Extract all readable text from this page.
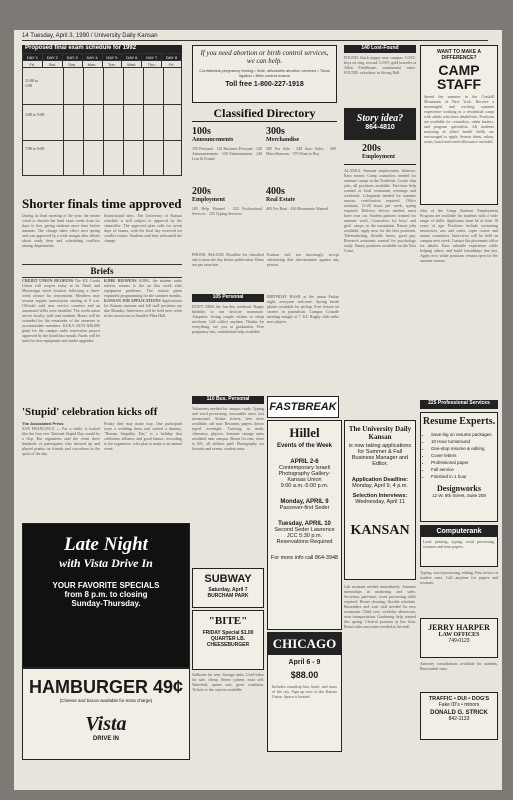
14 Tuesday, April 3, 1990 / University Daily Kansan
Proposed final exam schedule for 1992
DAY 1	DAY 2	DAY 3	DAY 4	DAY 5	DAY 6	DAY 7	DAY 8
Fri.	Sat.	Sun.	Mon.	Tue.	Wed.	Thu.	Fri.
11:00 to 1:00
3:00 to 5:00
7:00 to 9:00
Shorter finals time approved
During its final meeting of the year, the senate voted to shorten the final exam week from six days to five, giving students more time before summer. The change takes effect next spring and was approved by a wide margin after debate about study time and scheduling conflicts among departments.
Instructional days. The University of Kansas schedule is still subject to approval by the chancellor. The approved plan calls for seven days of exams, with the final day reserved for conflict exams. Students said they welcomed the change.
Briefs
CREDIT UNION REOPENS The KU Credit Union will reopen today at its Ninth and Mississippi street location following a three-week closure for renovations. Members may resume regular transactions starting at 9 a.m. Officials said new service counters and an automated teller were installed. The credit union serves faculty, staff and students. Hours will be extended for the remainder of the semester to accommodate members. KUKA GETS $36,000 grant for the campus radio renovation project approved by the board last month. Funds will be used for new equipment and studio upgrades.
KJHK REOPENS KJHK, the student radio station, returns to the air this week after equipment problems. The station plans expanded programming for the summer months. KANSAN JOB APPLICATIONS Applications for Kansan summer and fall staff positions are due Monday. Interviews will be held next week in the newsroom at Stauffer-Flint Hall.
'Stupid' celebration kicks off
The Associated Press
SAN FRANCISCO — For a while, it looked like the first ever National Stupid Day would be a flop. But organizers said the event drew hundreds of participants who dressed up and played pranks on friends and coworkers in the spirit of the day.
Friday they may make way. One participant wore a wedding dress and carried a dummy. "Human Stupidity Day" is a holiday that celebrates silliness and good humor, according to the organizers, who plan to make it an annual event.
Late Night
with Vista Drive In
YOUR FAVORITE SPECIALS
from 8 p.m. to closing
Sunday-Thursday.
HAMBURGER 49¢
(Cheese and bacon available for extra charge)
Vista
DRIVE IN
If you need abortion or birth control services, we can help.
Confidential pregnancy testing • Safe, affordable abortion services • Tubal ligation • Birth control exams
Toll free 1-800-227-1918
Classified Directory
100s
Announcements
300s
Merchandise
105 Personal · 110 Business Personal · 120 Announcements · 130 Entertainment · 140 Lost & Found
305 For Sale · 340 Auto Sales · 360 Miscellaneous · 370 Want to Buy
200s
Employment
400s
Real Estate
205 Help Wanted · 225 Professional Services · 235 Typing Services
405 For Rent · 430 Roommate Wanted
PHONE: 864-4358. Deadline for classified ads is noon the day before publication. Rates are per insertion.
Kansan will not knowingly accept advertising that discriminates against any person.
105 Personal
DON'T MISS the fun this weekend. Happy birthday to our favorite roommate. Adoption: loving couple wishes to adopt newborn. Call collect anytime. Thanks for everything, see you at graduation. Free pregnancy test, confidential help available.
110 Bus. Personal
Volunteers needed for campus study. Typing and word processing, reasonable rates, fast turnaround. Airline tickets, best fares available, call now. Resumes, papers, theses typed overnight. Tutoring in math, chemistry, physics. Summer storage units available near campus. Room for rent, close to KU, all utilities paid. Photography for formals and events, student rates.
BIRTHDAY BASH at the union Friday night, everyone welcome. Spring break photos available for pickup. Free lecture on careers in journalism. Campus Crusade meeting tonight at 7. KU Rugby club seeks new players.
FASTBREAK
Hillel
Events of the Week
APRIL 2-6
Contemporary Israeli Photography Gallery-Kansas Union
9:00 a.m.-5:00 p.m.
Monday, APRIL 9
Passover-first Seder
Tuesday, APRIL 10
Second Seder Lawrence JCC 5:30 p.m. Reservations Required
For more info call 864-3948
SUBWAY
Saturday, April 7 BURCHAM PARK
"BITE"
FRIDAY Special $1.00 QUARTER LB. CHEESEBURGER	CHICAGO
April 6 - 9
$88.00
Includes roundtrip bus, hotel, and tours of the city. Sign up now in the Kansas Union. Space is limited.
Sailboats for rent. Storage units. Used bikes for sale, cheap. Stereo system, must sell. Waterbed, queen size, great condition. Tickets to the concert available.
140 Lost-Found
FOUND: black puppy near campus. LOST: keys on ring, reward. LOST: gold bracelet at Allen Fieldhouse, sentimental value. FOUND: calculator in Strong Hall.
Story idea?
864-4810
200s
Employment
ALASKA: Summer employment, fisheries. Earn money. Camp counselors needed for summer camps in the Northeast. Cruise ship jobs, all positions available. Part-time help wanted at local restaurant, evenings and weekends. Lifeguards needed for summer season, certification required. Office assistant, 15-20 hours per week, typing required. Delivery drivers needed, must have own car. Student painters wanted for summer work. Counselors for boys' and girls' camps in the mountains. Resort jobs available, apply now for the best positions. Telemarketing, flexible hours, good pay. Research assistants wanted for psychology study. Nanny positions available on the East Coast.
The University Daily Kansan
is now taking applications for Summer & Fall Business Manager and Editor.
Application Deadline:
Monday, April 9, 4 p.m.
Selection Interviews:
Wednesday, April 11
KANSAN
Lab assistant needed immediately. Summer internships in marketing and sales. Secretary, part-time, word processing skills required. House cleaning, flexible schedule. Bartenders and wait staff needed for new restaurant. Child care, weekday afternoons, own transportation. Gardening help wanted this spring. Clerical position at law firm. Retail sales associates needed at the mall.
WANT TO MAKE A DIFFERENCE?
CAMP STAFF
Spend the summer in the Catskill Mountains of New York. Receive a meaningful and exciting summer experience working in a residential camp with adults who have disabilities. Positions are available for counselors, cabin leaders, and program specialists. All students majoring in allied health fields are encouraged to apply. Season dates, salary, room, board and travel allowance included.
Jobs of the Camp Summer Employment Program are available for students with a wide range of skills. Applicants must be at least 18 years of age. Positions include swimming instructors, arts and crafts, ropes course and nature counselors. Interviews will be held on campus next week. Contact the placement office for details. Earn valuable experience while helping others, and build friendships that last. Apply now while positions remain open for the summer season.
225 Professional Services
Resume Experts.
• Save big on resume packages
• 10 Hour turnaround
• One-stop resume & editing
• Cover letters
• Professional paper
• Full service
• Finished in 1 hour
Designworks
12 W. 9th Street, Suite 208
Computerank
Laser printing, typing, word processing, resumes and term papers.
Typing, word processing, editing. Fast service at student rates. Call anytime for papers and resumes.
JERRY HARPER
LAW OFFICES
749-0123
Attorney consultations available for students. Reasonable rates.
TRAFFIC • DUI • DOG'S
Fake ID's • minors
DONALD G. STRICK
842-1133
